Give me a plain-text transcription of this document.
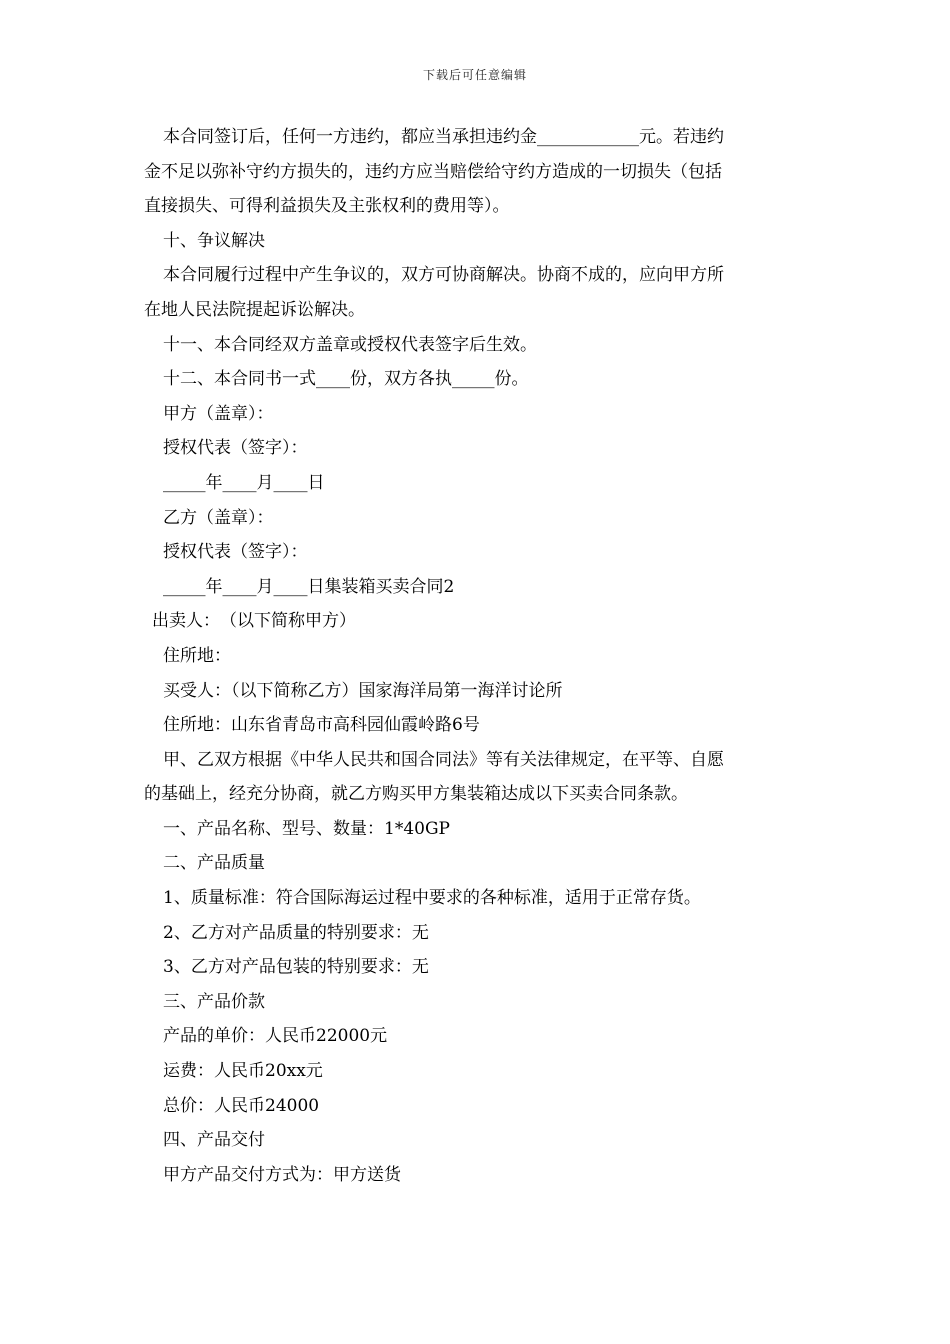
下载后可任意编辑
本合同签订后，任何一方违约，都应当承担违约金____________元。若违约
金不足以弥补守约方损失的，违约方应当赔偿给守约方造成的一切损失（包括
直接损失、可得利益损失及主张权利的费用等）。
十、争议解决
本合同履行过程中产生争议的，双方可协商解决。协商不成的，应向甲方所
在地人民法院提起诉讼解决。
十一、本合同经双方盖章或授权代表签字后生效。
十二、本合同书一式____份，双方各执_____份。
甲方（盖章）：
授权代表（签字）：
_____年____月____日
乙方（盖章）：
授权代表（签字）：
_____年____月____日集装箱买卖合同2
出卖人：　（以下简称甲方）
住所地：
买受人：（以下简称乙方）国家海洋局第一海洋讨论所
住所地：山东省青岛市高科园仙霞岭路6号
甲、乙双方根据《中华人民共和国合同法》等有关法律规定，在平等、自愿
的基础上，经充分协商，就乙方购买甲方集装箱达成以下买卖合同条款。
一、产品名称、型号、数量：1*40GP
二、产品质量
1、质量标准：符合国际海运过程中要求的各种标准，适用于正常存货。
2、乙方对产品质量的特别要求：无
3、乙方对产品包装的特别要求：无
三、产品价款
产品的单价：人民币22000元
运费：人民币20xx元
总价：人民币24000
四、产品交付
甲方产品交付方式为：甲方送货
